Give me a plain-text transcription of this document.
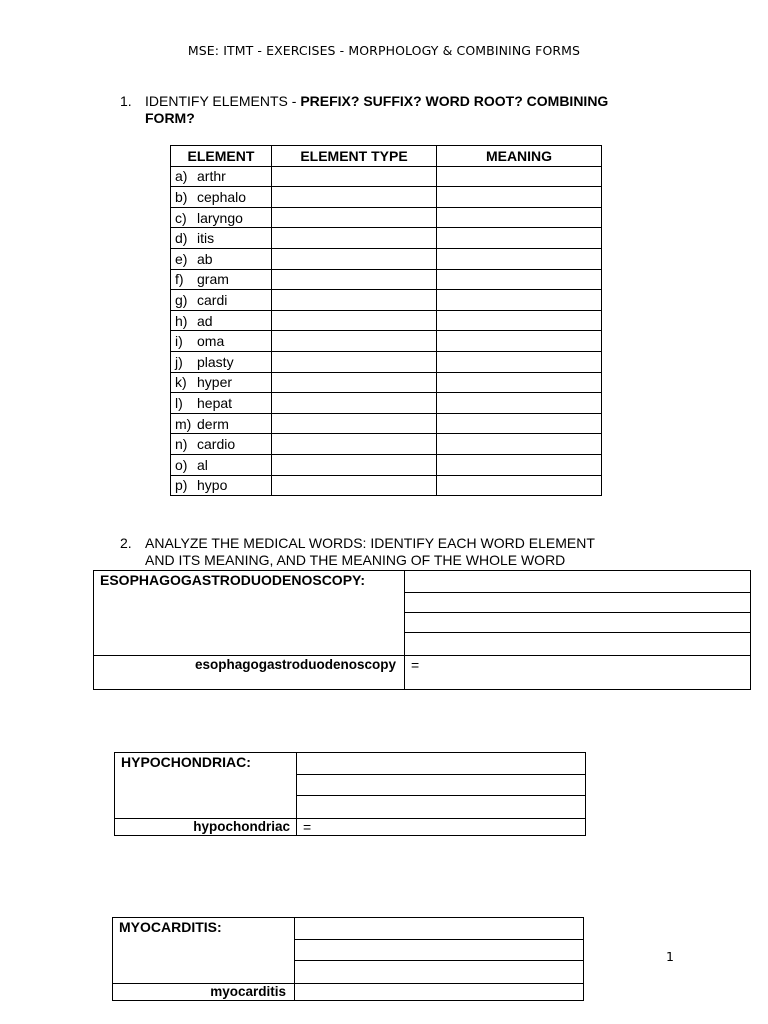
MSE: ITMT - EXERCISES - MORPHOLOGY & COMBINING FORMS
1. IDENTIFY ELEMENTS - PREFIX? SUFFIX? WORD ROOT? COMBINING
FORM?
ELEMENT	ELEMENT TYPE	MEANING
a) arthr		
b) cephalo		
c) laryngo		
d) itis		
e) ab		
f) gram		
g) cardi		
h) ad		
i) oma		
j) plasty		
k) hyper		
l) hepat		
m) derm		
n) cardio		
o) al		
p) hypo		
2. ANALYZE THE MEDICAL WORDS: IDENTIFY EACH WORD ELEMENT
AND ITS MEANING, AND THE MEANING OF THE WHOLE WORD
ESOPHAGOGASTRODUODENOSCOPY:
esophagogastroduodenoscopy =
HYPOCHONDRIAC:
hypochondriac =
MYOCARDITIS:
myocarditis
1
